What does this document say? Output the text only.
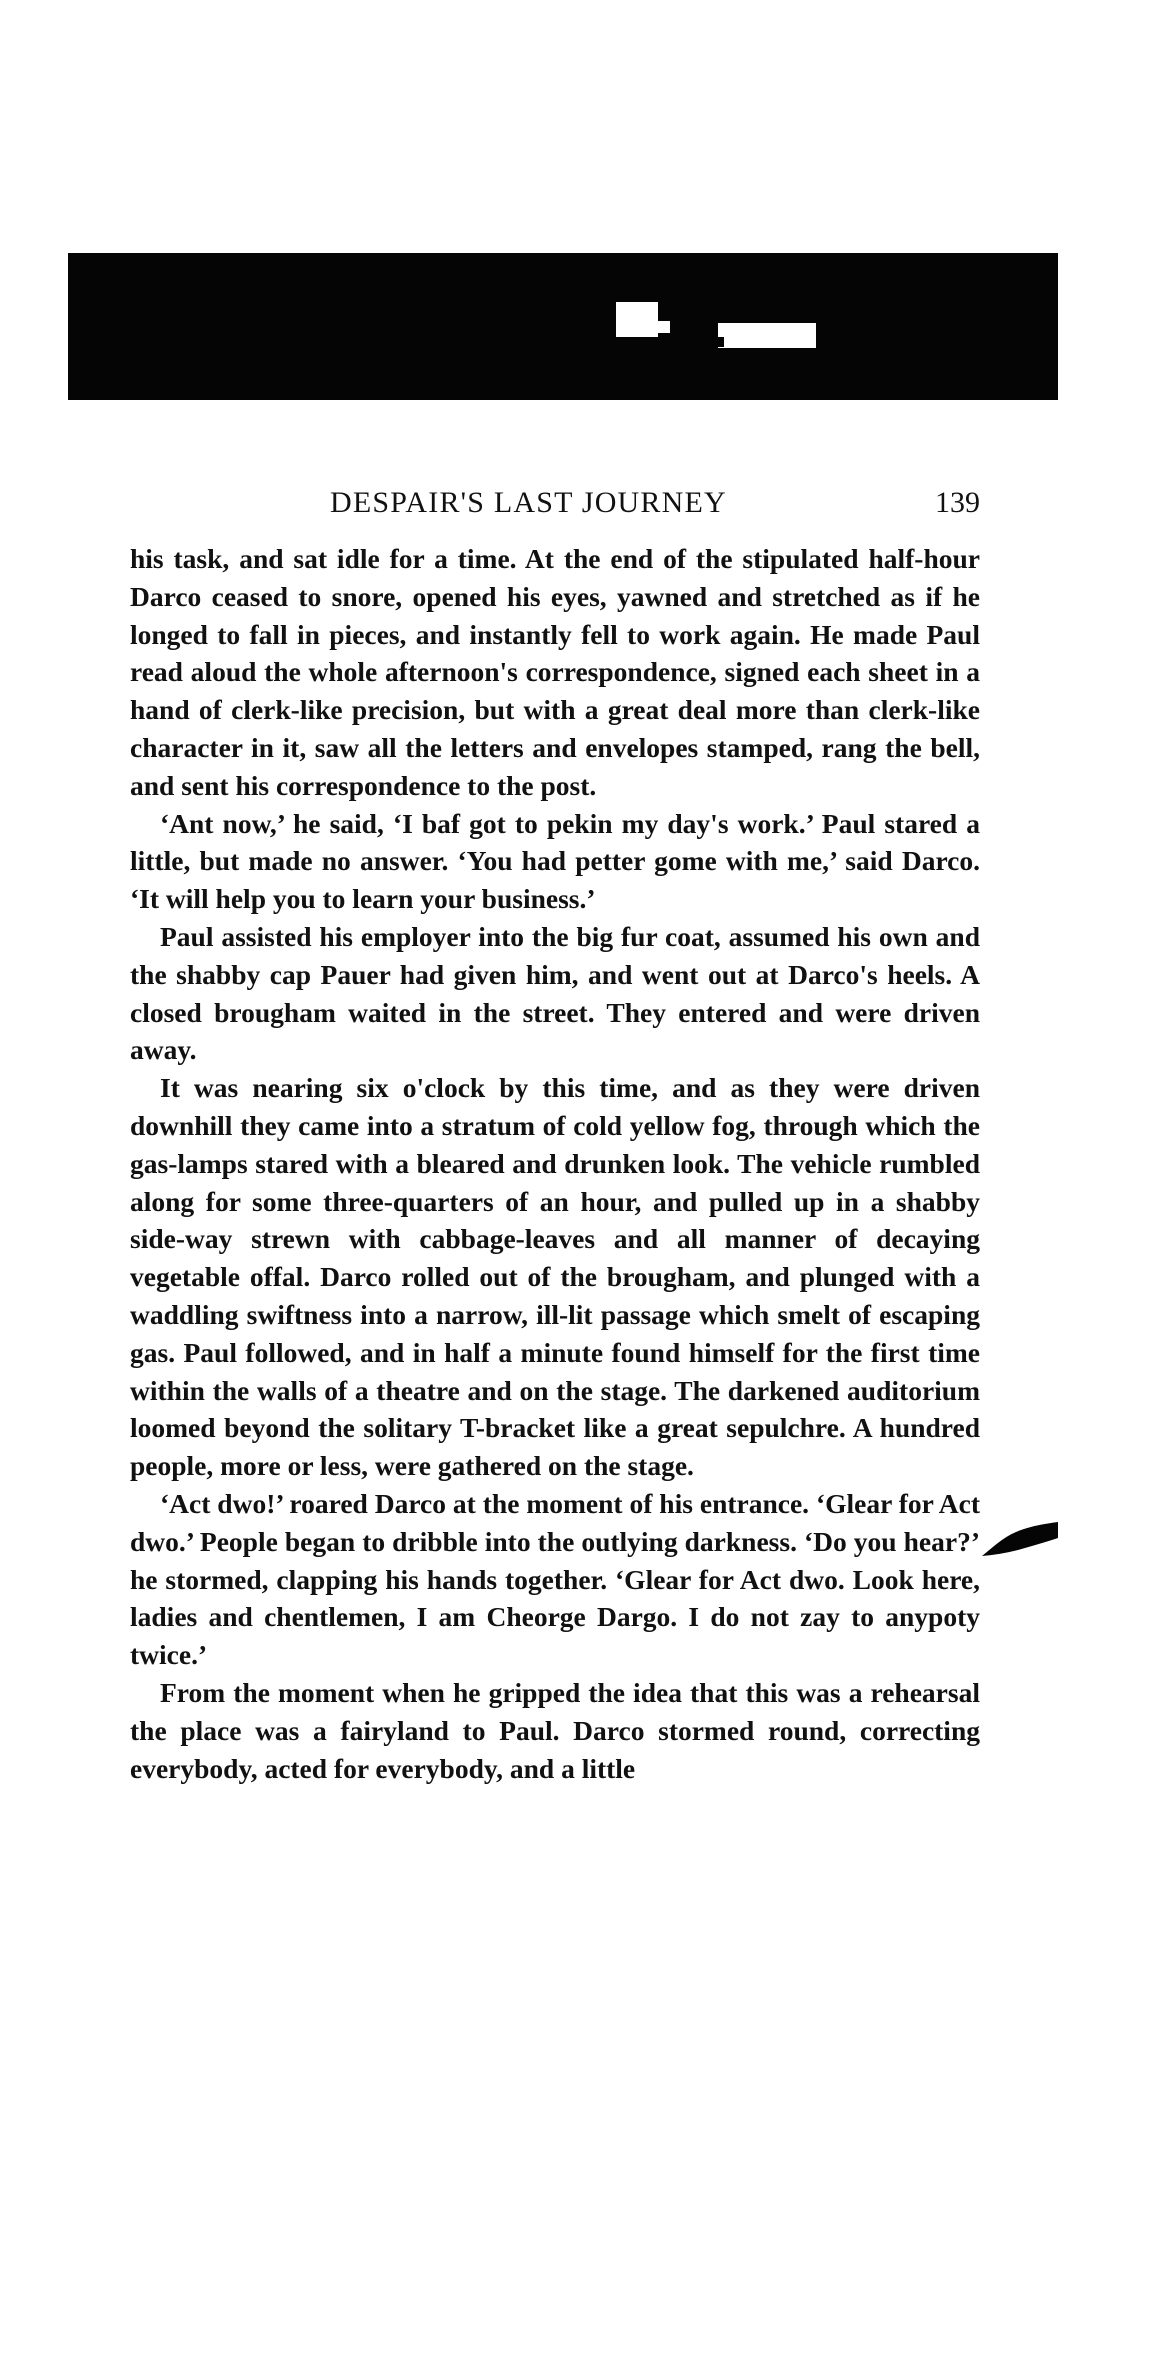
DESPAIR'S LAST JOURNEY	139

his task, and sat idle for a time. At the end of the stipulated half-hour Darco ceased to snore, opened his eyes, yawned and stretched as if he longed to fall in pieces, and instantly fell to work again. He made Paul read aloud the whole afternoon's correspondence, signed each sheet in a hand of clerk-like precision, but with a great deal more than clerk-like character in it, saw all the letters and envelopes stamped, rang the bell, and sent his correspondence to the post.

‘Ant now,’ he said, ‘I baf got to pekin my day's work.’ Paul stared a little, but made no answer. ‘You had petter gome with me,’ said Darco. ‘It will help you to learn your business.’

Paul assisted his employer into the big fur coat, assumed his own and the shabby cap Pauer had given him, and went out at Darco's heels. A closed brougham waited in the street. They entered and were driven away.

It was nearing six o'clock by this time, and as they were driven downhill they came into a stratum of cold yellow fog, through which the gas-lamps stared with a bleared and drunken look. The vehicle rumbled along for some three-quarters of an hour, and pulled up in a shabby side-way strewn with cabbage-leaves and all manner of decaying vegetable offal. Darco rolled out of the brougham, and plunged with a waddling swiftness into a narrow, ill-lit passage which smelt of escaping gas. Paul followed, and in half a minute found himself for the first time within the walls of a theatre and on the stage. The darkened auditorium loomed beyond the solitary T-bracket like a great sepulchre. A hundred people, more or less, were gathered on the stage.

‘Act dwo!’ roared Darco at the moment of his entrance. ‘Glear for Act dwo.’ People began to dribble into the outlying darkness. ‘Do you hear?’ he stormed, clapping his hands together. ‘Glear for Act dwo. Look here, ladies and chentlemen, I am Cheorge Dargo. I do not zay to anypoty twice.’

From the moment when he gripped the idea that this was a rehearsal the place was a fairyland to Paul. Darco stormed round, correcting everybody, acted for everybody, and a little
